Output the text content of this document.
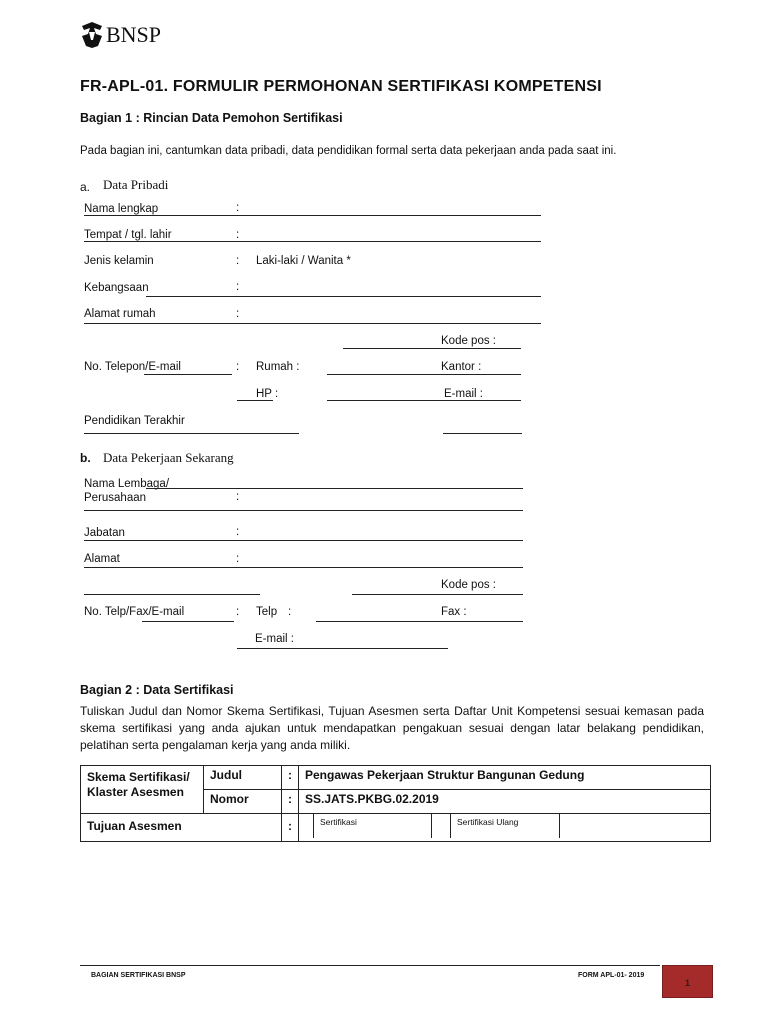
BNSP
FR-APL-01. FORMULIR PERMOHONAN SERTIFIKASI KOMPETENSI
Bagian 1 : Rincian Data Pemohon Sertifikasi
Pada bagian ini, cantumkan data pribadi, data pendidikan formal serta data pekerjaan anda pada saat ini.
a. Data Pribadi
Nama lengkap	:
Tempat / tgl. lahir	:
Jenis kelamin	: Laki-laki / Wanita *
Kebangsaan	:
Alamat rumah	:
Kode pos :
No. Telepon/E-mail	: Rumah :	Kantor :
HP :	E-mail :
Pendidikan Terakhir
b. Data Pekerjaan Sekarang
Nama Lembaga/
Perusahaan	:
Jabatan	:
Alamat	:
Kode pos :
No. Telp/Fax/E-mail	: Telp :	Fax :
E-mail :
Bagian 2 : Data Sertifikasi
Tuliskan Judul dan Nomor Skema Sertifikasi, Tujuan Asesmen serta Daftar Unit Kompetensi sesuai kemasan pada skema sertifikasi yang anda ajukan untuk mendapatkan pengakuan sesuai dengan latar belakang pendidikan, pelatihan serta pengalaman kerja yang anda miliki.
Skema Sertifikasi/ Klaster Asesmen	Judul	:	Pengawas Pekerjaan Struktur Bangunan Gedung
	Nomor	:	SS.JATS.PKBG.02.2019
Tujuan Asesmen		:	Sertifikasi Sertifikasi Ulang
BAGIAN SERTIFIKASI BNSP	FORM APL-01- 2019
1
